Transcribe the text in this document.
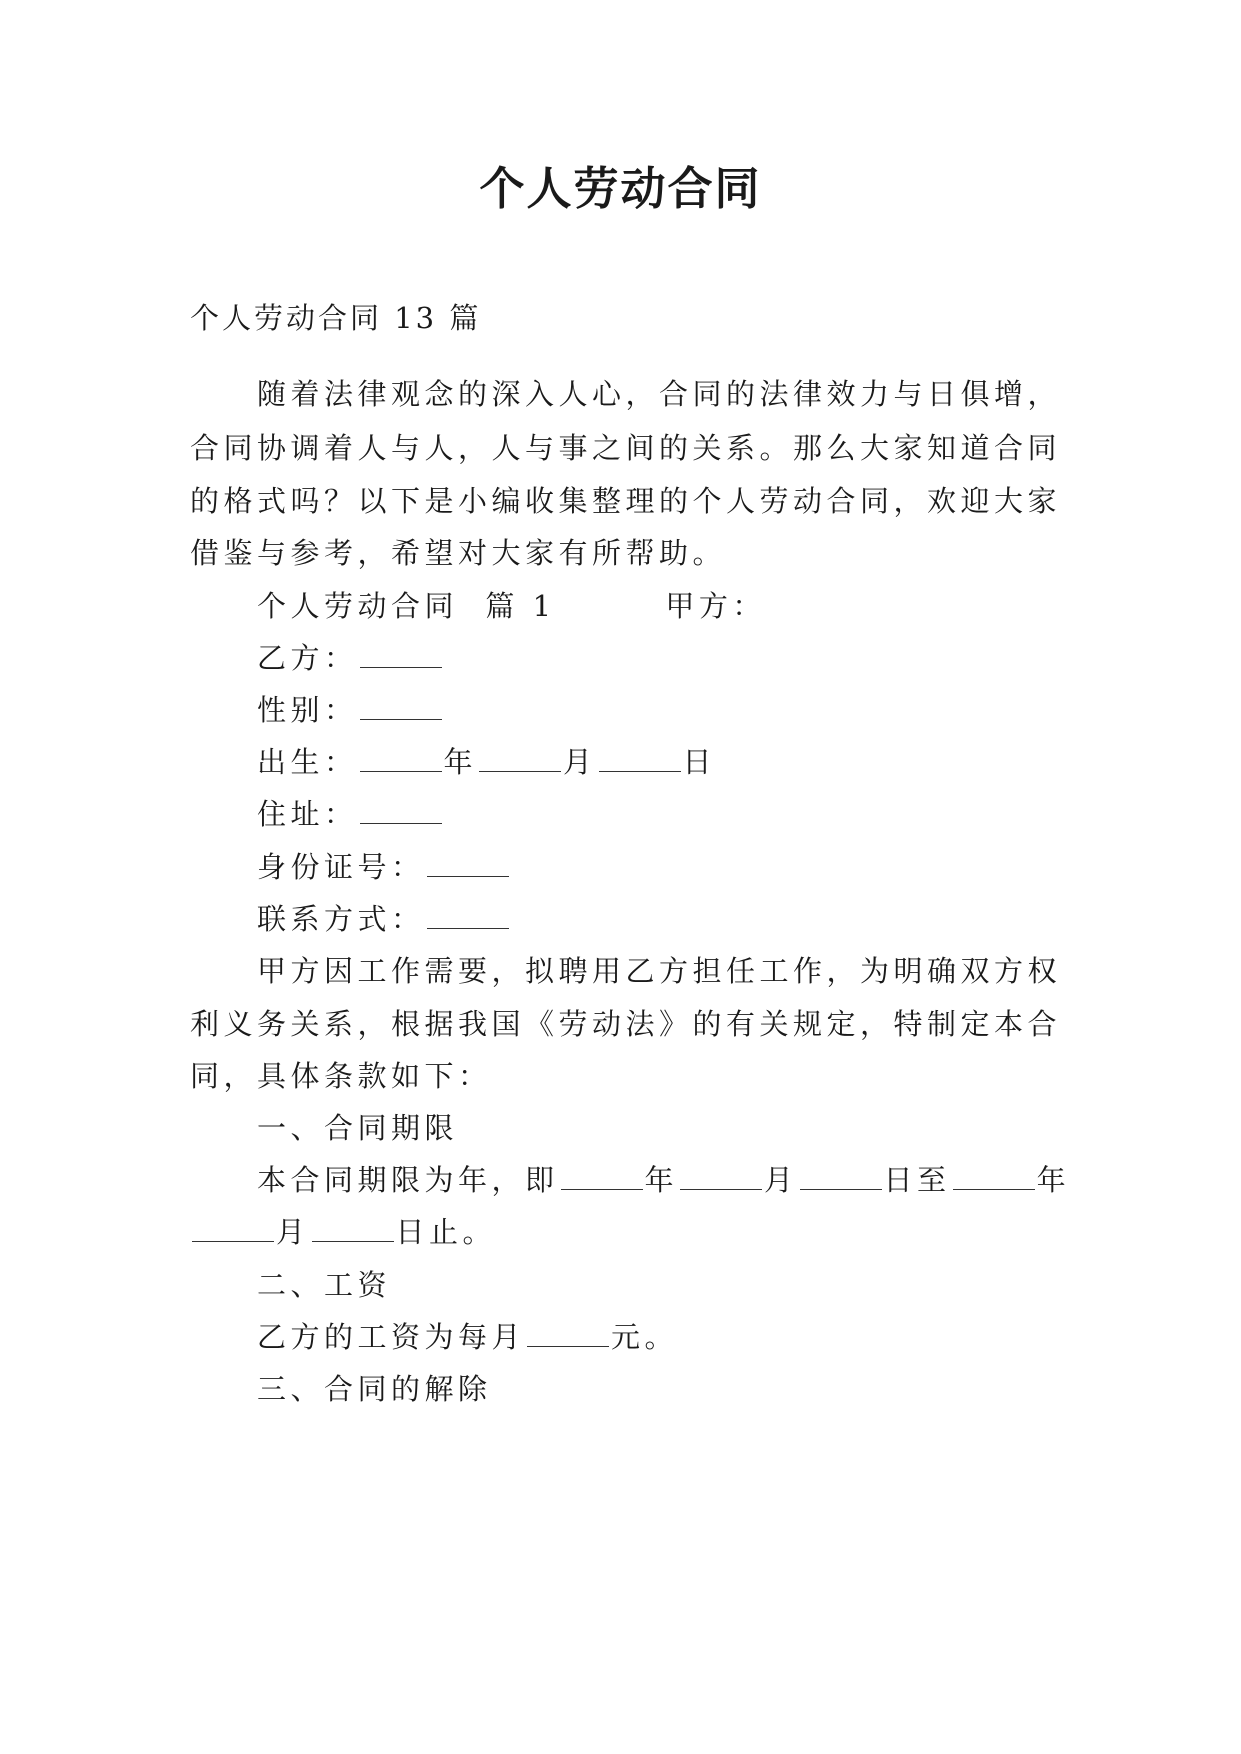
个人劳动合同
个人劳动合同 13 篇
随着法律观念的深入人心，合同的法律效力与日俱增，
合同协调着人与人，人与事之间的关系。那么大家知道合同
的格式吗？以下是小编收集整理的个人劳动合同，欢迎大家
借鉴与参考，希望对大家有所帮助。
个人劳动合同  篇 1        甲方：
乙方：
性别：
出生：	年	月	日
住址：
身份证号：
联系方式：
甲方因工作需要，拟聘用乙方担任工作，为明确双方权
利义务关系，根据我国《劳动法》的有关规定，特制定本合
同，具体条款如下：
一、合同期限
本合同期限为年，即	年	月	日至	年
月	日止。
二、工资
乙方的工资为每月	元。
三、合同的解除
